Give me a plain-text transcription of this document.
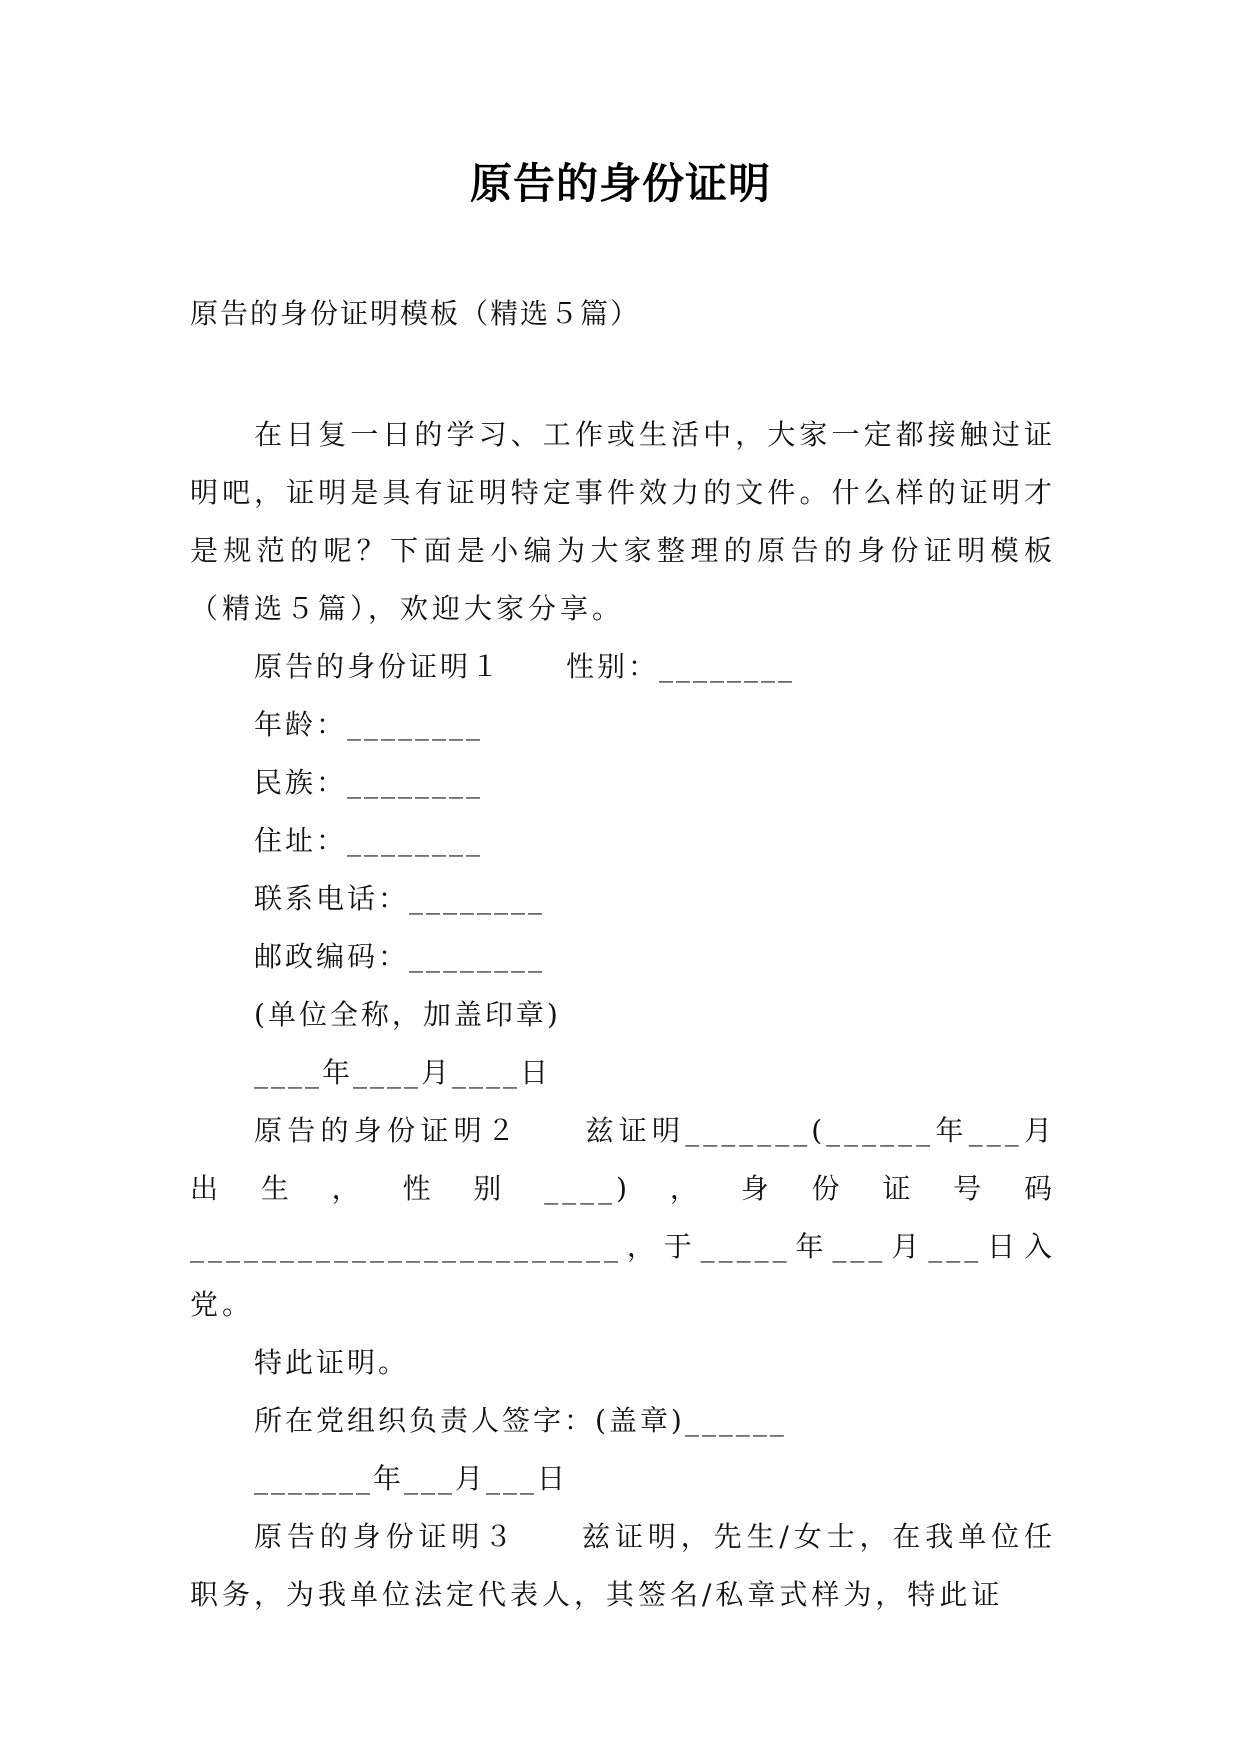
原告的身份证明
原告的身份证明模板（精选５篇）

在日复一日的学习、工作或生活中，大家一定都接触过证明吧，证明是具有证明特定事件效力的文件。什么样的证明才是规范的呢？下面是小编为大家整理的原告的身份证明模板（精选５篇），欢迎大家分享。

原告的身份证明１ 性别：________

年龄：________

民族：________

住址：________

联系电话：________

邮政编码：________

(单位全称，加盖印章)

____年____月____日

原告的身份证明２ 兹证明_______(______年___月出生，性别____)，身份证号码________________________，于_____年___月___日入党。

特此证明。

所在党组织负责人签字：(盖章)______

_______年___月___日

原告的身份证明３ 兹证明，先生/女士，在我单位任职务，为我单位法定代表人，其签名/私章式样为，特此证
